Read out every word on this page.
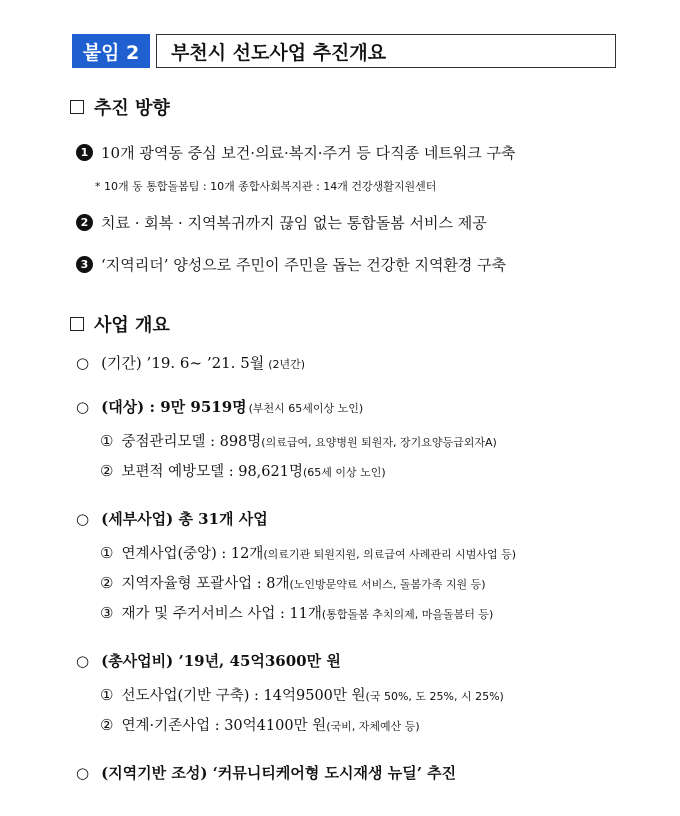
붙임 2	부천시 선도사업 추진개요
추진 방향
1 10개 광역동 중심 보건·의료·복지·주거 등 다직종 네트워크 구축
* 10개 동 통합돌봄팀 : 10개 종합사회복지관 : 14개 건강생활지원센터
2 치료 · 회복 · 지역복귀까지 끊임 없는 통합돌봄 서비스 제공
3 ‘지역리더’ 양성으로 주민이 주민을 돕는 건강한 지역환경 구축
사업 개요
○ (기간) ’19. 6~ ’21. 5월 (2년간)
○ (대상) : 9만 9519명 (부천시 65세이상 노인)
① 중점관리모델 : 898명 (의료급여, 요양병원 퇴원자, 장기요양등급외자A)
② 보편적 예방모델 : 98,621명 (65세 이상 노인)
○ (세부사업) 총 31개 사업
① 연계사업(중앙) : 12개 (의료기관 퇴원지원, 의료급여 사례관리 시범사업 등)
② 지역자율형 포괄사업 : 8개 (노인방문약료 서비스, 돌봄가족 지원 등)
③ 재가 및 주거서비스 사업 : 11개 (통합돌봄 추치의제, 마을돌봄터 등)
○ (총사업비) ’19년, 45억3600만 원
① 선도사업(기반 구축) : 14억9500만 원 (국 50%, 도 25%, 시 25%)
② 연계·기존사업 : 30억4100만 원 (국비, 자체예산 등)
○ (지역기반 조성) ‘커뮤니티케어형 도시재생 뉴딜’ 추진
